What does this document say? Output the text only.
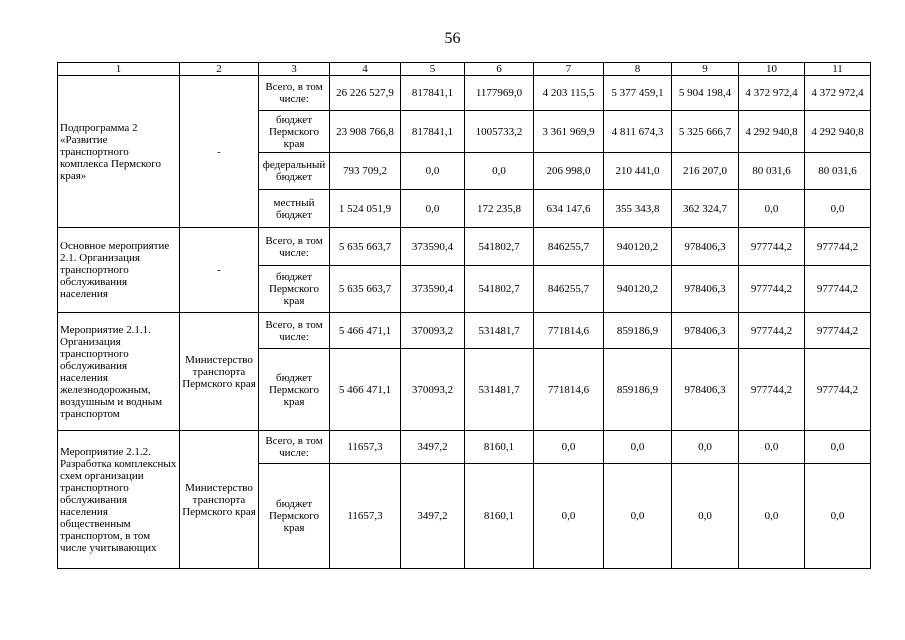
56
1	2	3	4	5	6	7	8	9	10	11
Подпрограмма 2 «Развитие транспортного комплекса Пермского края»	-	Всего, в том числе:	26 226 527,9	817841,1	1177969,0	4 203 115,5	5 377 459,1	5 904 198,4	4 372 972,4	4 372 972,4
		бюджет Пермского края	23 908 766,8	817841,1	1005733,2	3 361 969,9	4 811 674,3	5 325 666,7	4 292 940,8	4 292 940,8
		федеральный бюджет	793 709,2	0,0	0,0	206 998,0	210 441,0	216 207,0	80 031,6	80 031,6
		местный бюджет	1 524 051,9	0,0	172 235,8	634 147,6	355 343,8	362 324,7	0,0	0,0
Основное мероприятие 2.1. Организация транспортного обслуживания населения	-	Всего, в том числе:	5 635 663,7	373590,4	541802,7	846255,7	940120,2	978406,3	977744,2	977744,2
		бюджет Пермского края	5 635 663,7	373590,4	541802,7	846255,7	940120,2	978406,3	977744,2	977744,2
Мероприятие 2.1.1. Организация транспортного обслуживания населения железнодорожным, воздушным и водным транспортом	Министерство транспорта Пермского края	Всего, в том числе:	5 466 471,1	370093,2	531481,7	771814,6	859186,9	978406,3	977744,2	977744,2
		бюджет Пермского края	5 466 471,1	370093,2	531481,7	771814,6	859186,9	978406,3	977744,2	977744,2
Мероприятие 2.1.2. Разработка комплексных схем организации транспортного обслуживания населения общественным транспортом, в том числе учитывающих	Министерство транспорта Пермского края	Всего, в том числе:	11657,3	3497,2	8160,1	0,0	0,0	0,0	0,0	0,0
		бюджет Пермского края	11657,3	3497,2	8160,1	0,0	0,0	0,0	0,0	0,0
